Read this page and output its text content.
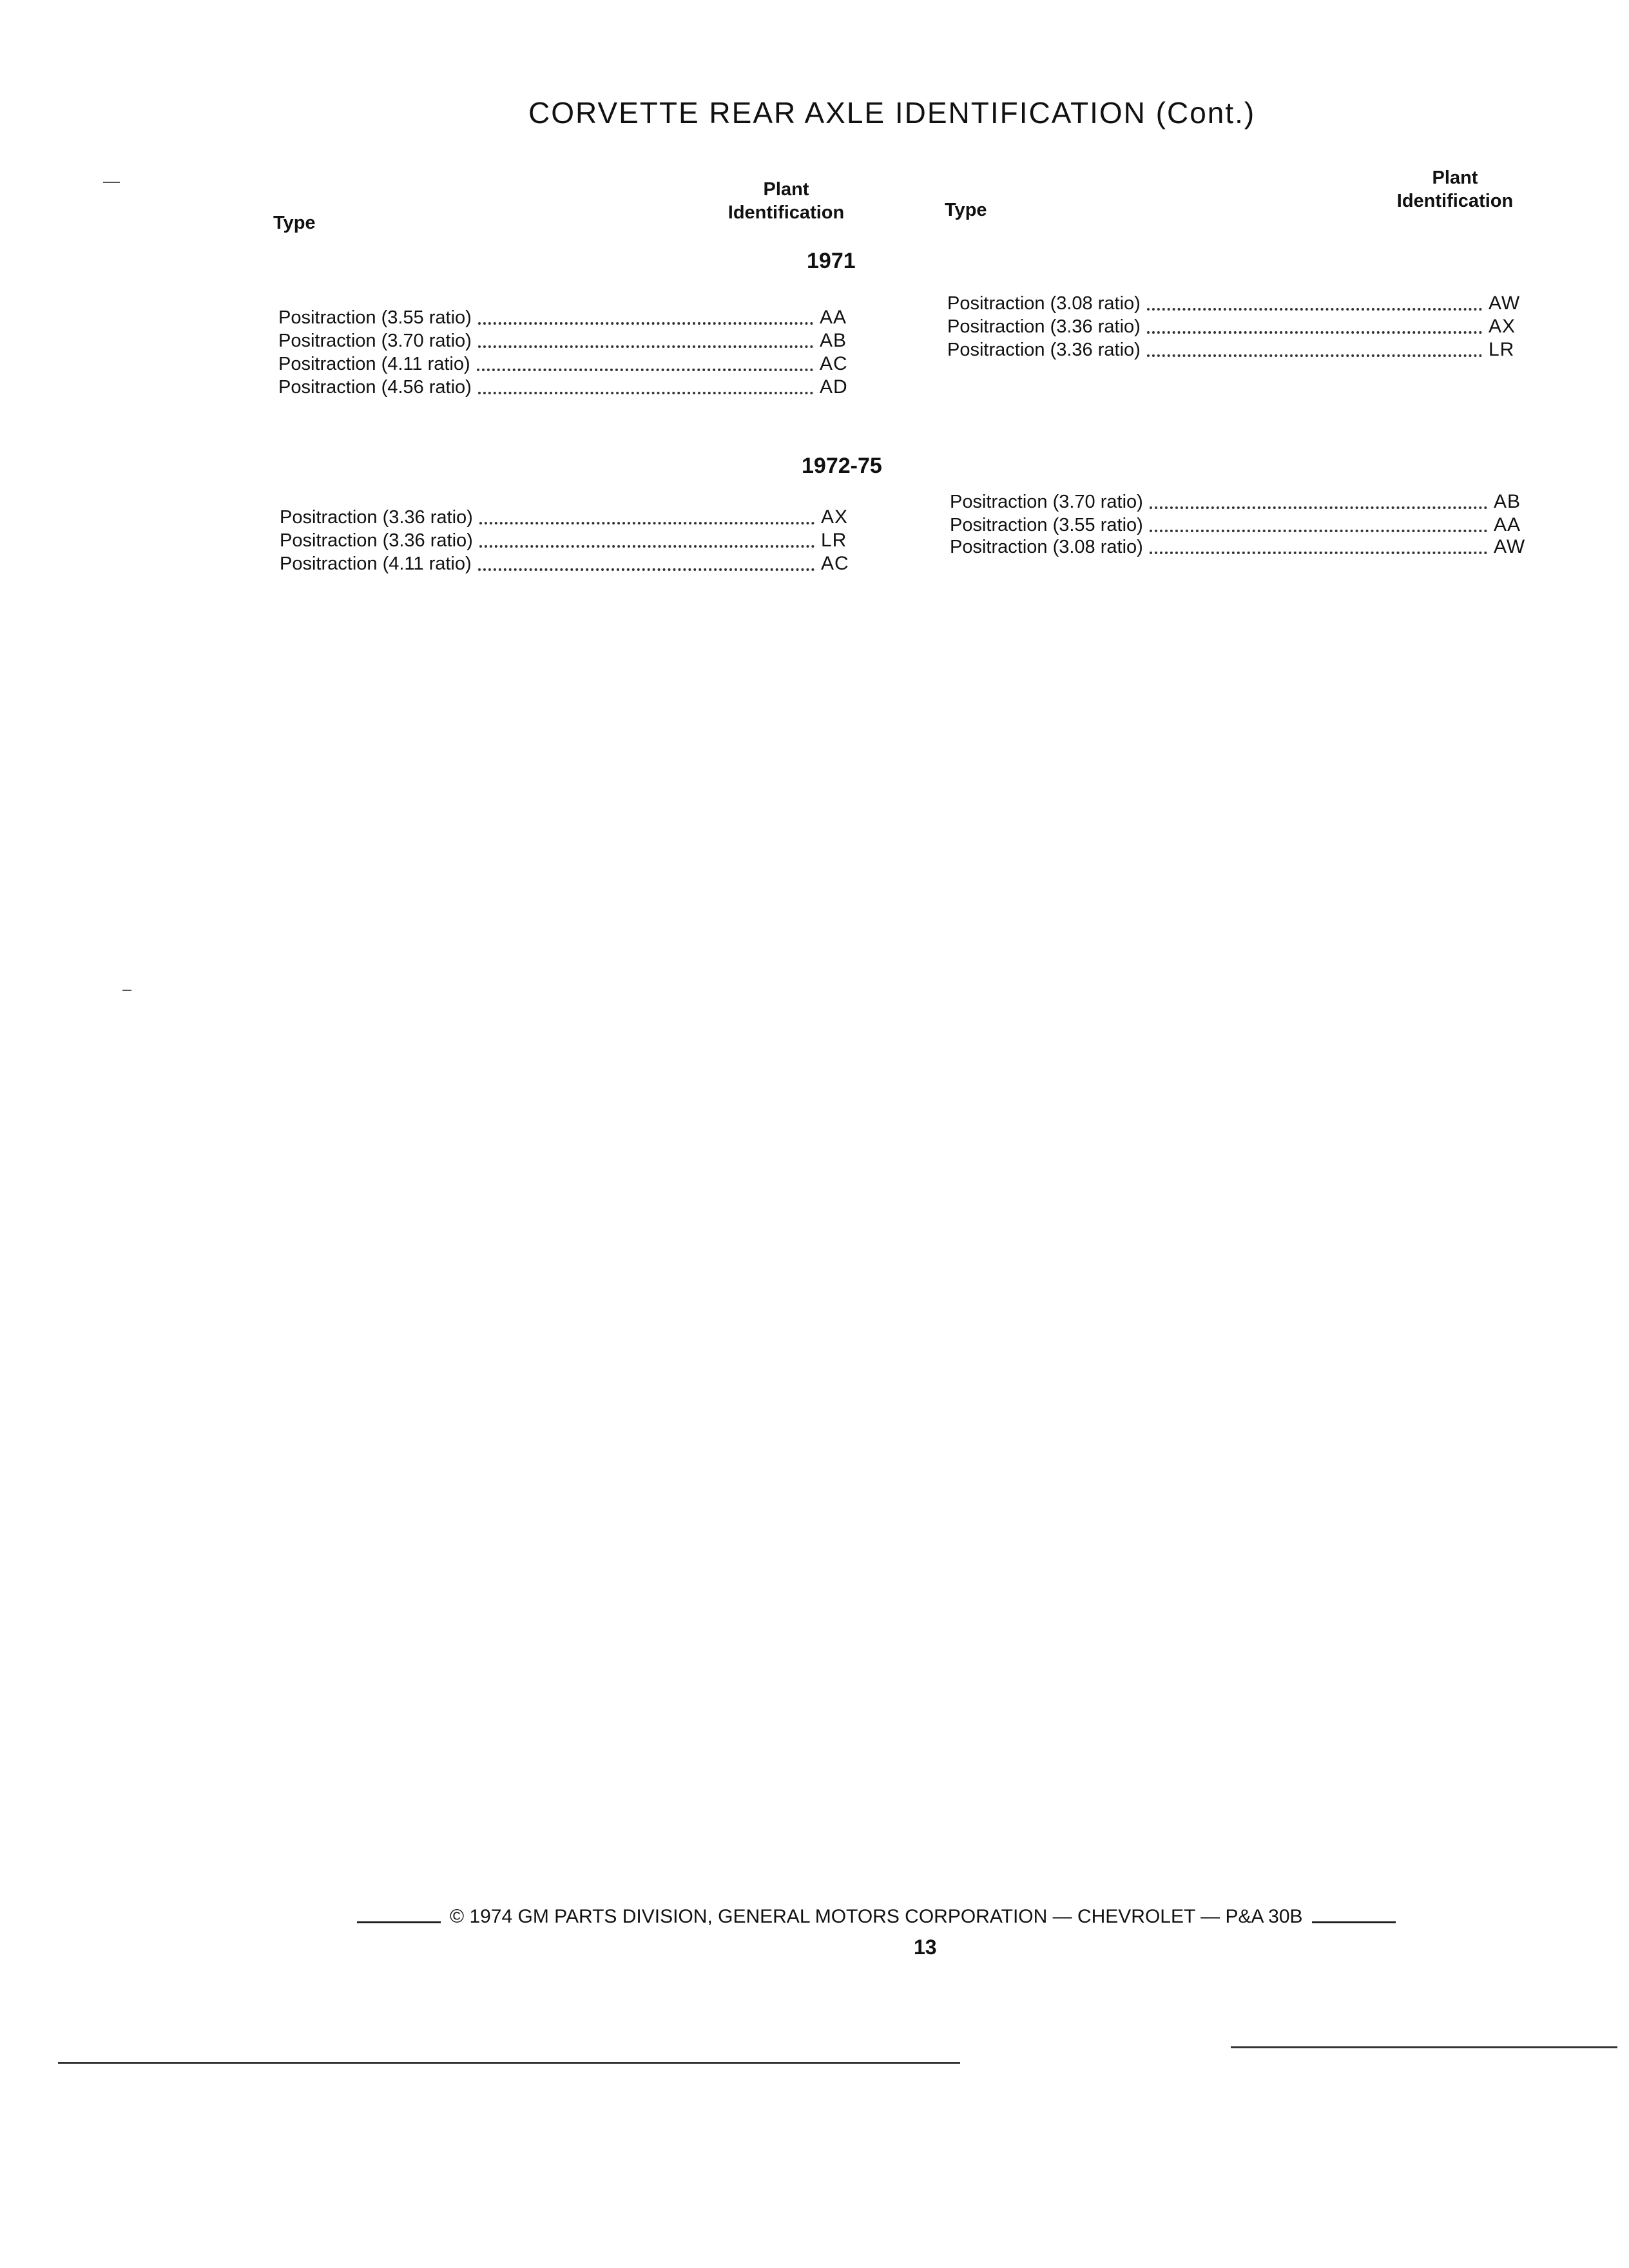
CORVETTE REAR AXLE IDENTIFICATION (Cont.)
Type
Plant
Identification	Type
Plant
Identification
1971
Positraction (3.55 ratio)	AA
Positraction (3.70 ratio)	AB
Positraction (4.11 ratio)	AC
Positraction (4.56 ratio)	AD
Positraction (3.08 ratio)	AW
Positraction (3.36 ratio)	AX
Positraction (3.36 ratio)	LR
1972-75
Positraction (3.36 ratio)	AX
Positraction (3.36 ratio)	LR
Positraction (4.11 ratio)	AC
Positraction (3.70 ratio)	AB
Positraction (3.55 ratio)	AA
Positraction (3.08 ratio)	AW
© 1974 GM PARTS DIVISION, GENERAL MOTORS CORPORATION — CHEVROLET — P&A 30B
13
